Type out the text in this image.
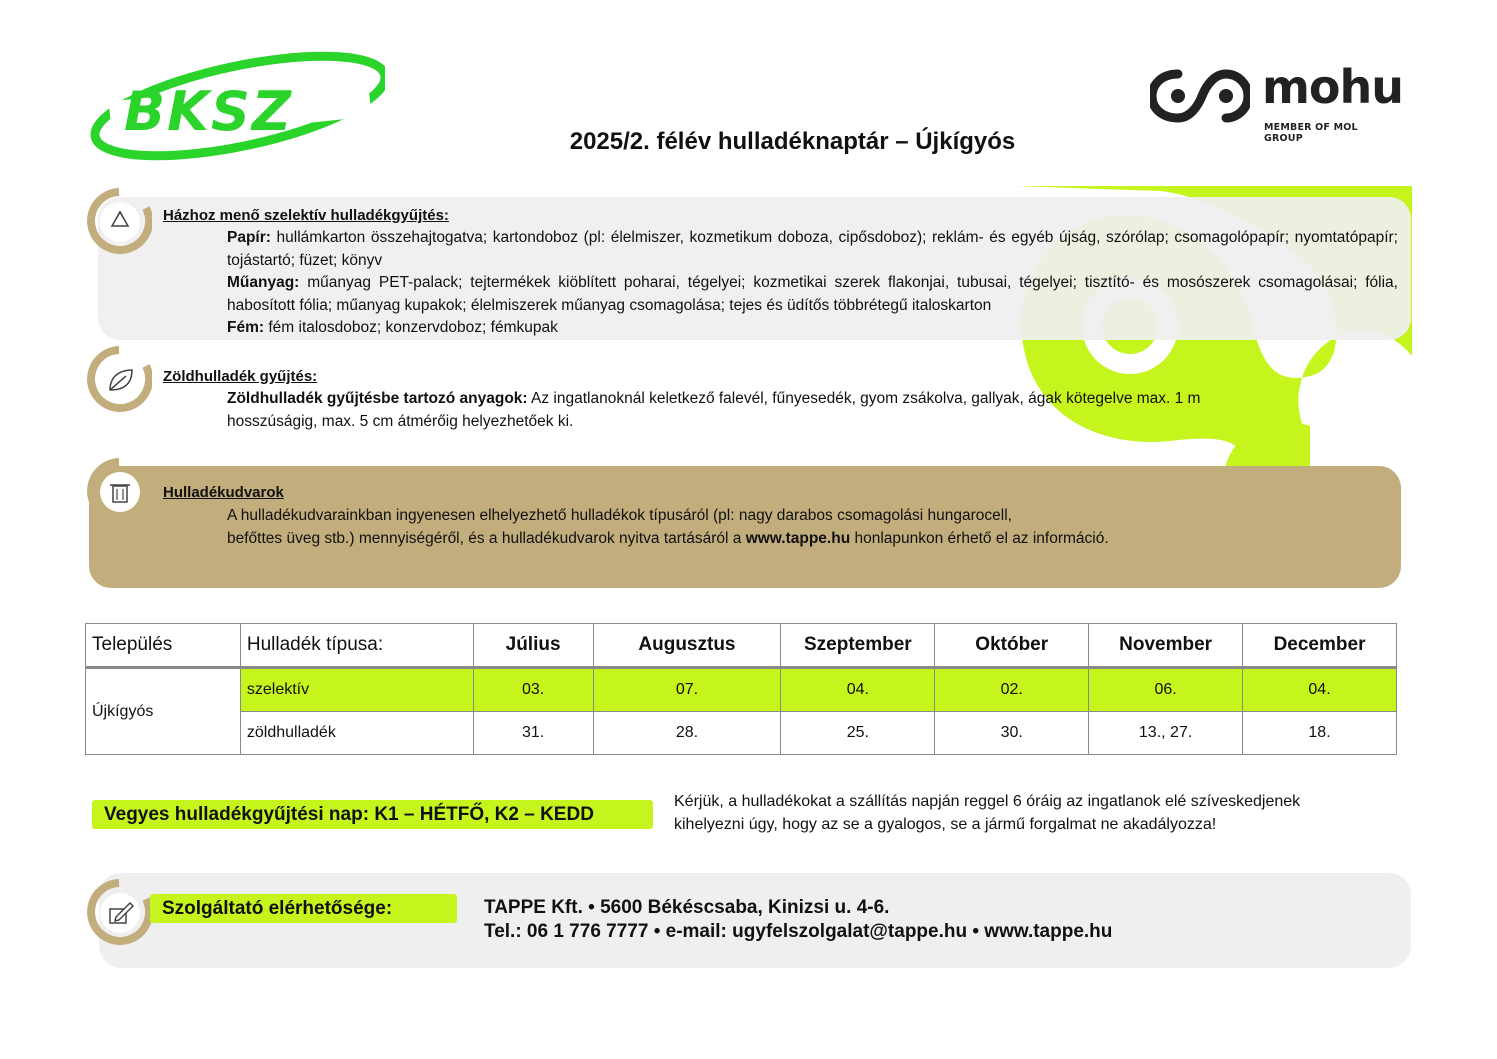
BKSZ	mohu
MEMBER OF MOL GROUP
2025/2. félév hulladéknaptár – Újkígyós
Házhoz menő szelektív hulladékgyűjtés:
Papír: hullámkarton összehajtogatva; kartondoboz (pl: élelmiszer, kozmetikum doboza, cipősdoboz); reklám- és egyéb újság, szórólap; csomagolópapír; nyomtatópapír; tojástartó; füzet; könyv
Műanyag: műanyag PET-palack; tejtermékek kiöblített poharai, tégelyei; kozmetikai szerek flakonjai, tubusai, tégelyei; tisztító- és mosószerek csomagolásai; fólia, habosított fólia; műanyag kupakok; élelmiszerek műanyag csomagolása; tejes és üdítős többrétegű italoskarton
Fém: fém italosdoboz; konzervdoboz; fémkupak
Zöldhulladék gyűjtés:
Zöldhulladék gyűjtésbe tartozó anyagok: Az ingatlanoknál keletkező falevél, fűnyesedék, gyom zsákolva, gallyak, ágak kötegelve max. 1 m
hosszúságig, max. 5 cm átmérőig helyezhetőek ki.
Hulladékudvarok
A hulladékudvarainkban ingyenesen elhelyezhető hulladékok típusáról (pl: nagy darabos csomagolási hungarocell,
befőttes üveg stb.) mennyiségéről, és a hulladékudvarok nyitva tartásáról a www.tappe.hu honlapunkon érhető el az információ.
Település	Hulladék típusa:	Július	Augusztus	Szeptember	Október	November	December
Újkígyós	szelektív	03.	07.	04.	02.	06.	04.
	zöldhulladék	31.	28.	25.	30.	13., 27.	18.
Vegyes hulladékgyűjtési nap: K1 – HÉTFŐ, K2 – KEDD
Kérjük, a hulladékokat a szállítás napján reggel 6 óráig az ingatlanok elé szíveskedjenek
kihelyezni úgy, hogy az se a gyalogos, se a jármű forgalmat ne akadályozza!
Szolgáltató elérhetősége:	TAPPE Kft. • 5600 Békéscsaba, Kinizsi u. 4-6.
Tel.: 06 1 776 7777 • e-mail: ugyfelszolgalat@tappe.hu • www.tappe.hu
